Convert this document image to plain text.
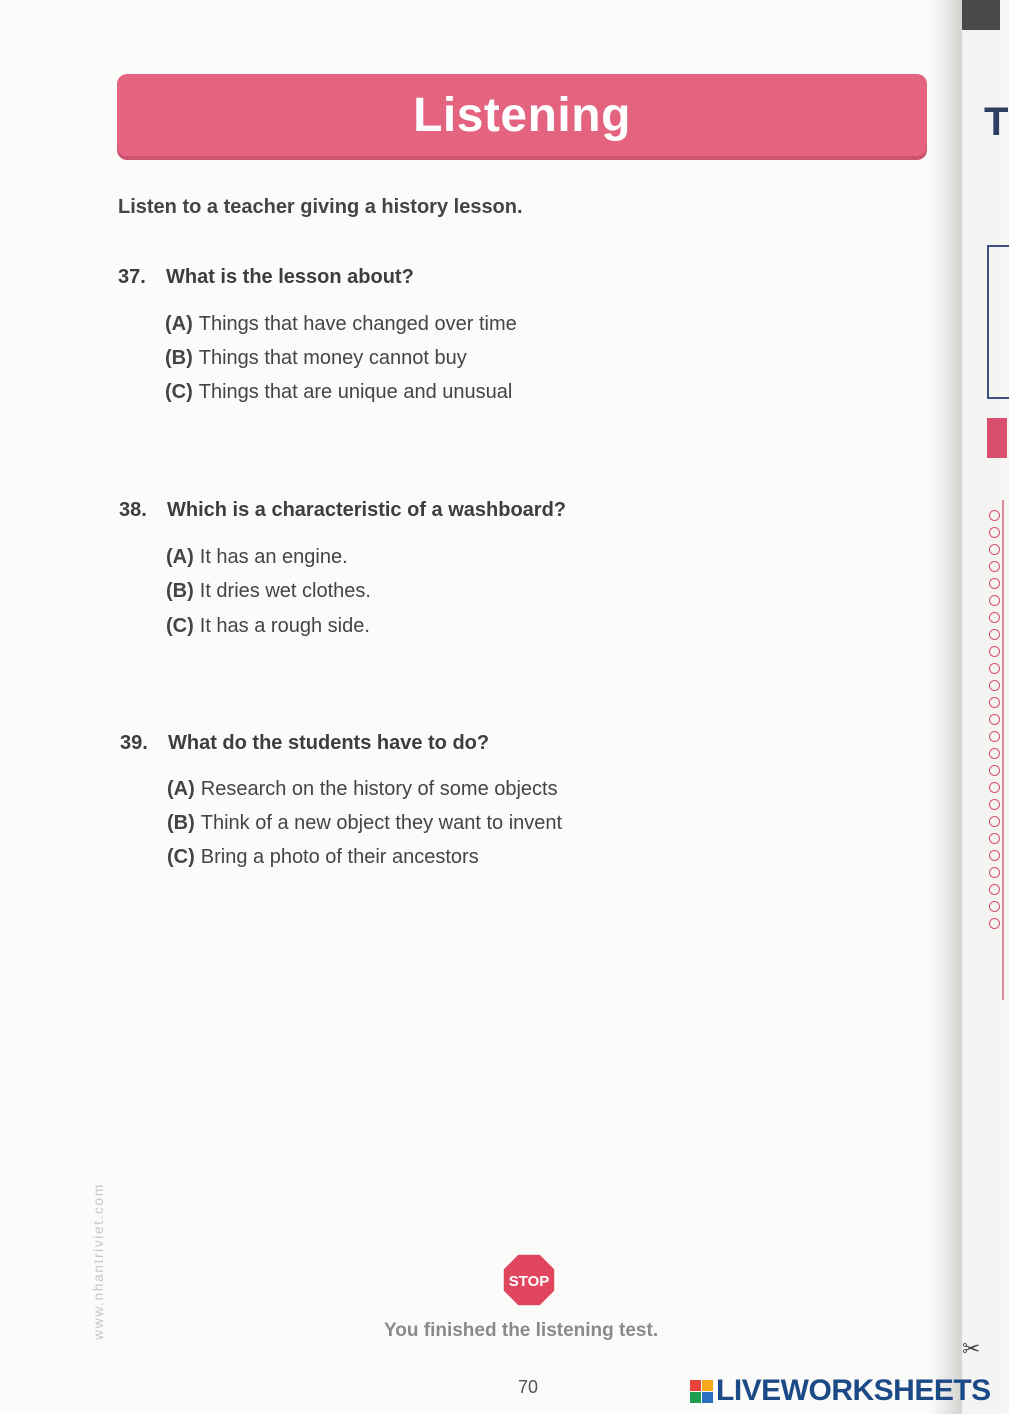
T
Listening
Listen to a teacher giving a history lesson.
37. What is the lesson about?
(A) Things that have changed over time
(B) Things that money cannot buy
(C) Things that are unique and unusual
38. Which is a characteristic of a washboard?
(A) It has an engine.
(B) It dries wet clothes.
(C) It has a rough side.
39. What do the students have to do?
(A) Research on the history of some objects
(B) Think of a new object they want to invent
(C) Bring a photo of their ancestors
www.nhantriviet.com	STOP
You finished the listening test.
70	LIVEWORKSHEETS
✂
